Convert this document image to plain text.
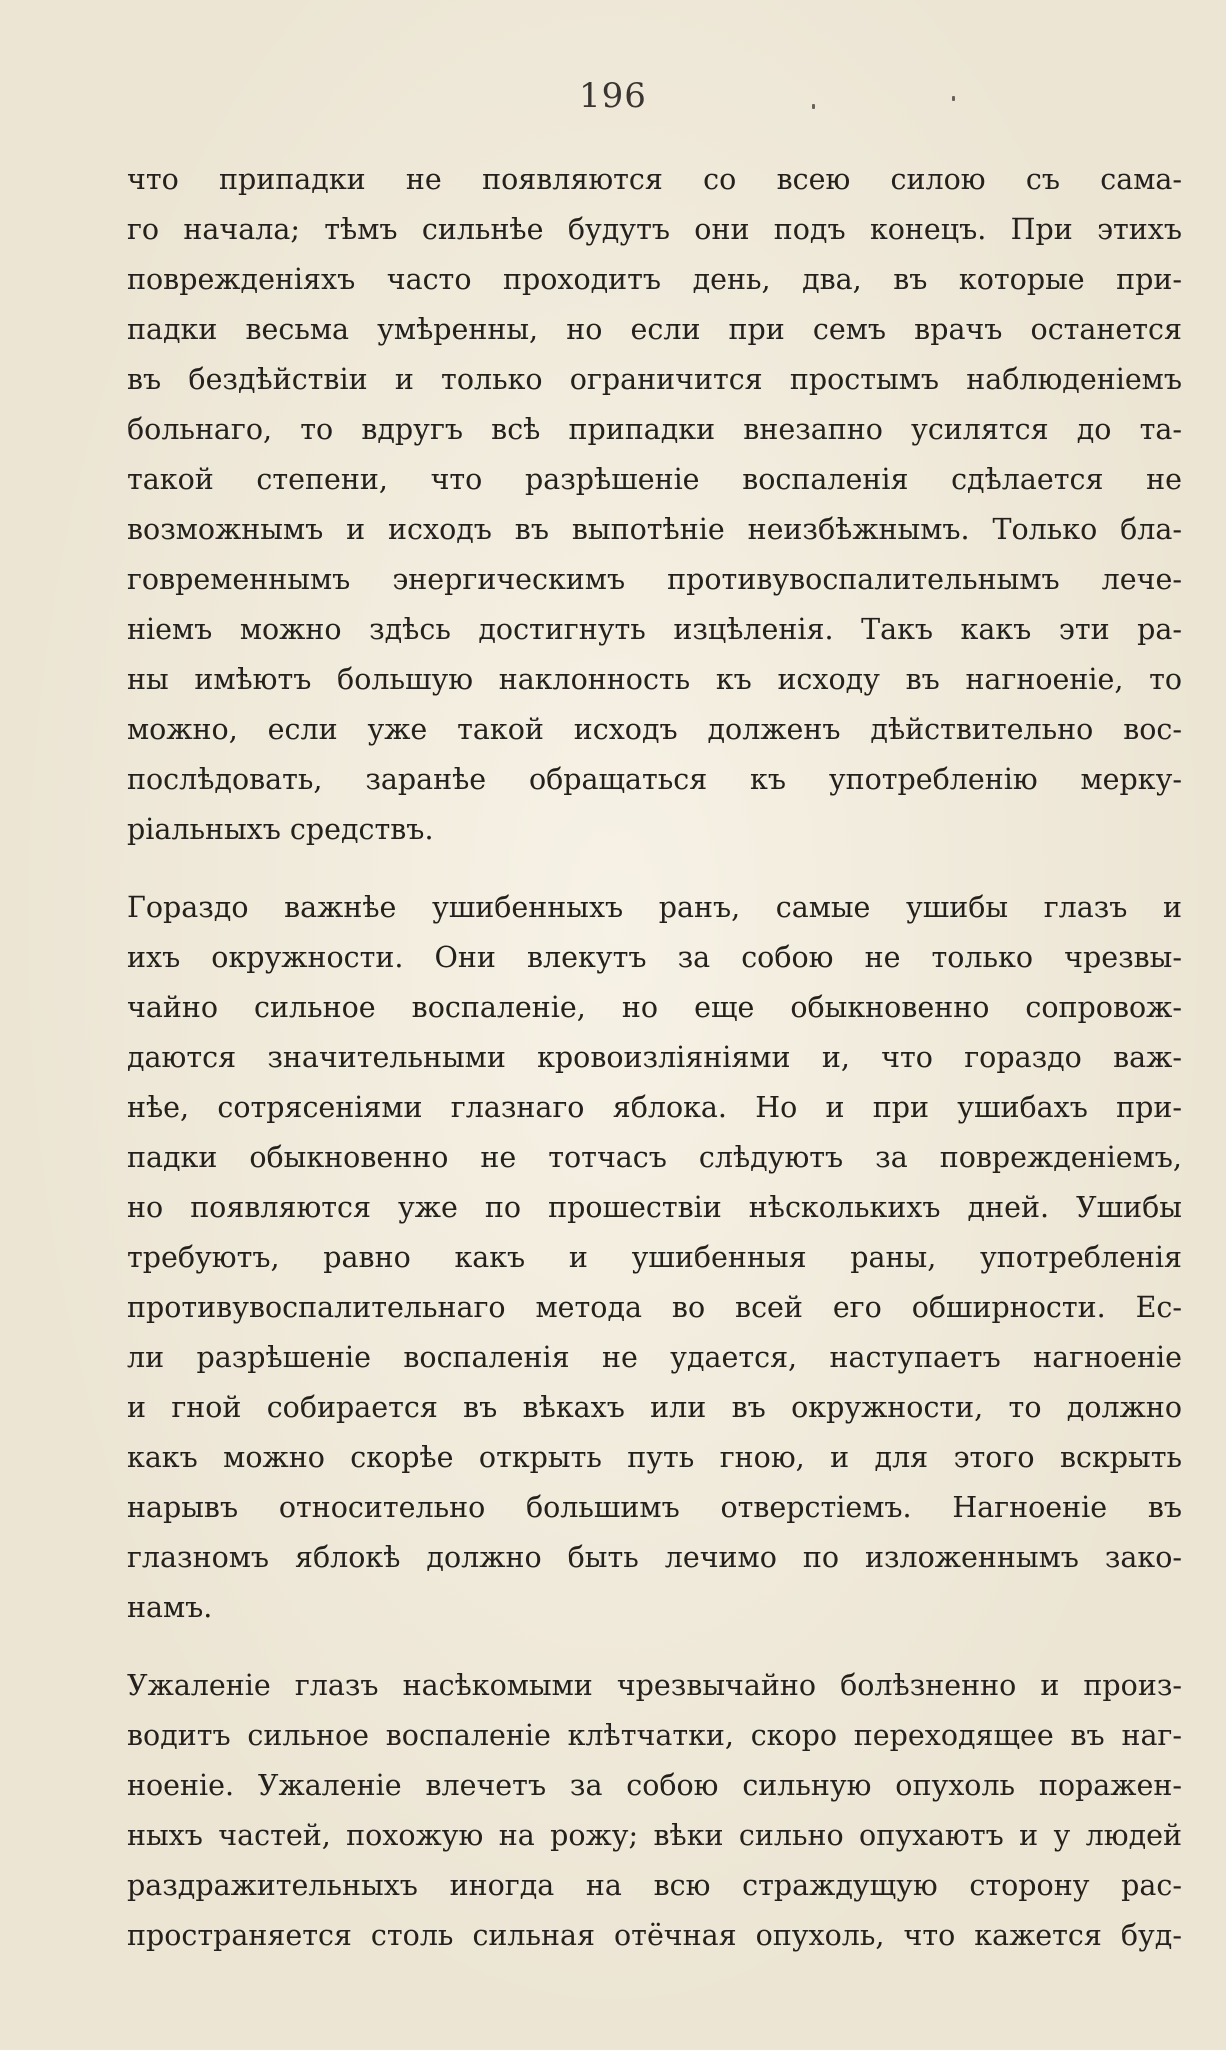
196
что припадки не появляются со всею силою съ сама-
го начала; тѣмъ сильнѣе будутъ они подъ конецъ. При этихъ
поврежденіяхъ часто проходитъ день, два, въ которые при-
падки весьма умѣренны, но если при семъ врачъ останется
въ бездѣйствіи и только ограничится простымъ наблюденіемъ
больнаго, то вдругъ всѣ припадки внезапно усилятся до та-
такой степени, что разрѣшеніе воспаленія сдѣлается не
возможнымъ и исходъ въ выпотѣніе неизбѣжнымъ. Только бла-
говременнымъ энергическимъ противувоспалительнымъ лече-
ніемъ можно здѣсь достигнуть изцѣленія. Такъ какъ эти ра-
ны имѣютъ большую наклонность къ исходу въ нагноеніе, то
можно, если уже такой исходъ долженъ дѣйствительно вос-
послѣдовать, заранѣе обращаться къ употребленію мерку-
ріальныхъ средствъ.
Гораздо важнѣе ушибенныхъ ранъ, самые ушибы глазъ и
ихъ окружности. Они влекутъ за собою не только чрезвы-
чайно сильное воспаленіе, но еще обыкновенно сопровож-
даются значительными кровоизліяніями и, что гораздо важ-
нѣе, сотрясеніями глазнаго яблока. Но и при ушибахъ при-
падки обыкновенно не тотчасъ слѣдуютъ за поврежденіемъ,
но появляются уже по прошествіи нѣсколькихъ дней. Ушибы
требуютъ, равно какъ и ушибенныя раны, употребленія
противувоспалительнаго метода во всей его обширности. Ес-
ли разрѣшеніе воспаленія не удается, наступаетъ нагноеніе
и гной собирается въ вѣкахъ или въ окружности, то должно
какъ можно скорѣе открыть путь гною, и для этого вскрыть
нарывъ относительно большимъ отверстіемъ. Нагноеніе въ
глазномъ яблокѣ должно быть лечимо по изложеннымъ зако-
намъ.
Ужаленіе глазъ насѣкомыми чрезвычайно болѣзненно и произ-
водитъ сильное воспаленіе клѣтчатки, скоро переходящее въ наг-
ноеніе. Ужаленіе влечетъ за собою сильную опухоль поражен-
ныхъ частей, похожую на рожу; вѣки сильно опухаютъ и у людей
раздражительныхъ иногда на всю страждущую сторону рас-
пространяется столь сильная отёчная опухоль, что кажется буд-
